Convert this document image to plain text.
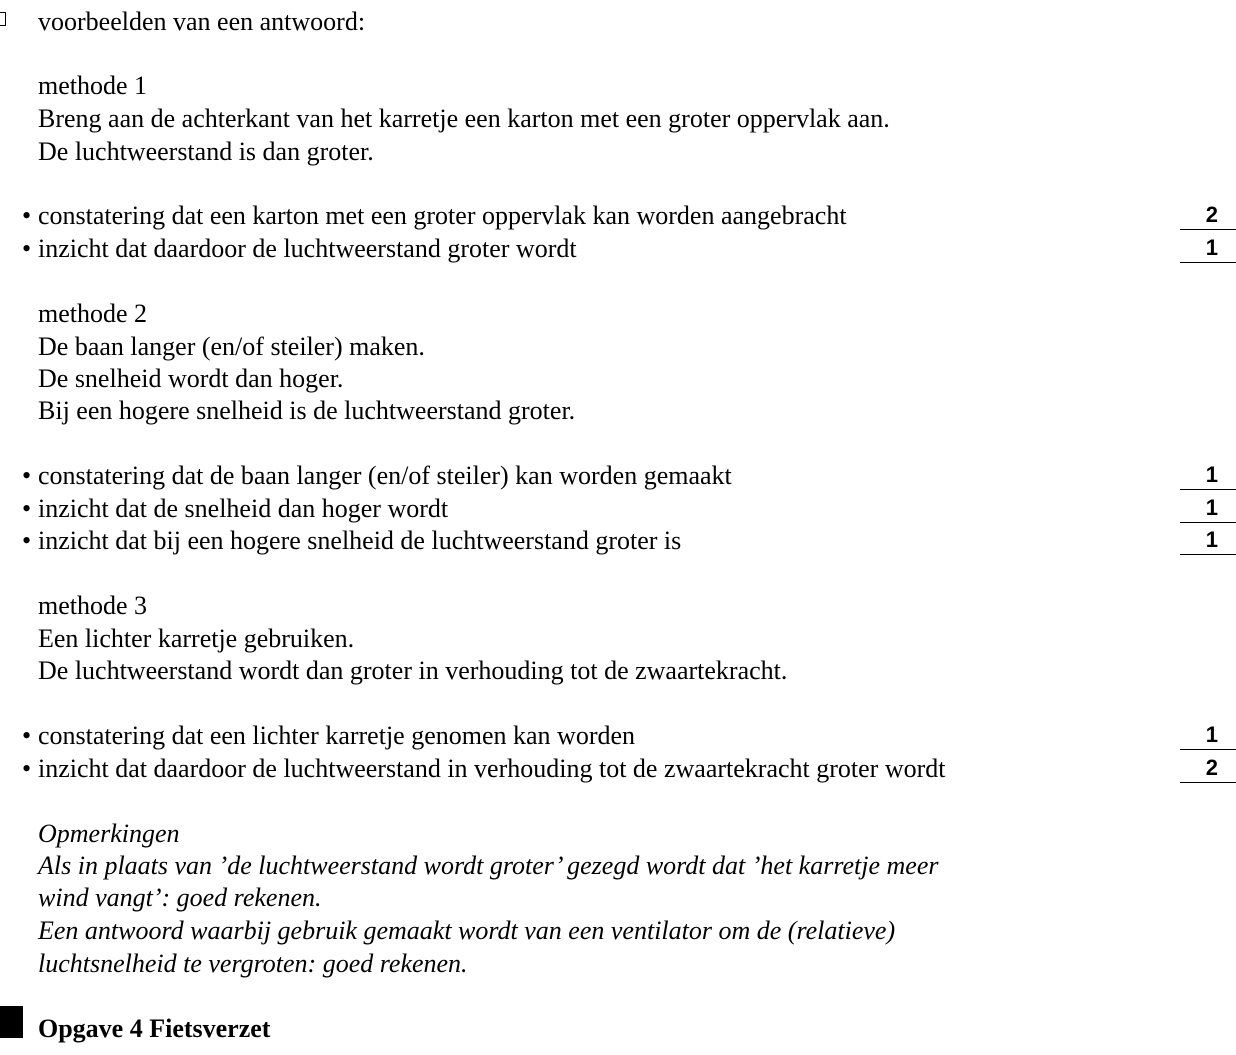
voorbeelden van een antwoord:
methode 1
Breng aan de achterkant van het karretje een karton met een groter oppervlak aan.
De luchtweerstand is dan groter.
• constatering dat een karton met een groter oppervlak kan worden aangebracht	2
• inzicht dat daardoor de luchtweerstand groter wordt	1
methode 2
De baan langer (en/of steiler) maken.
De snelheid wordt dan hoger.
Bij een hogere snelheid is de luchtweerstand groter.
• constatering dat de baan langer (en/of steiler) kan worden gemaakt	1
• inzicht dat de snelheid dan hoger wordt	1
• inzicht dat bij een hogere snelheid de luchtweerstand groter is	1
methode 3
Een lichter karretje gebruiken.
De luchtweerstand wordt dan groter in verhouding tot de zwaartekracht.
• constatering dat een lichter karretje genomen kan worden	1
• inzicht dat daardoor de luchtweerstand in verhouding tot de zwaartekracht groter wordt	2
Opmerkingen
Als in plaats van ’de luchtweerstand wordt groter’ gezegd wordt dat ’het karretje meer
wind vangt’: goed rekenen.
Een antwoord waarbij gebruik gemaakt wordt van een ventilator om de (relatieve)
luchtsnelheid te vergroten: goed rekenen.
Opgave 4 Fietsverzet
